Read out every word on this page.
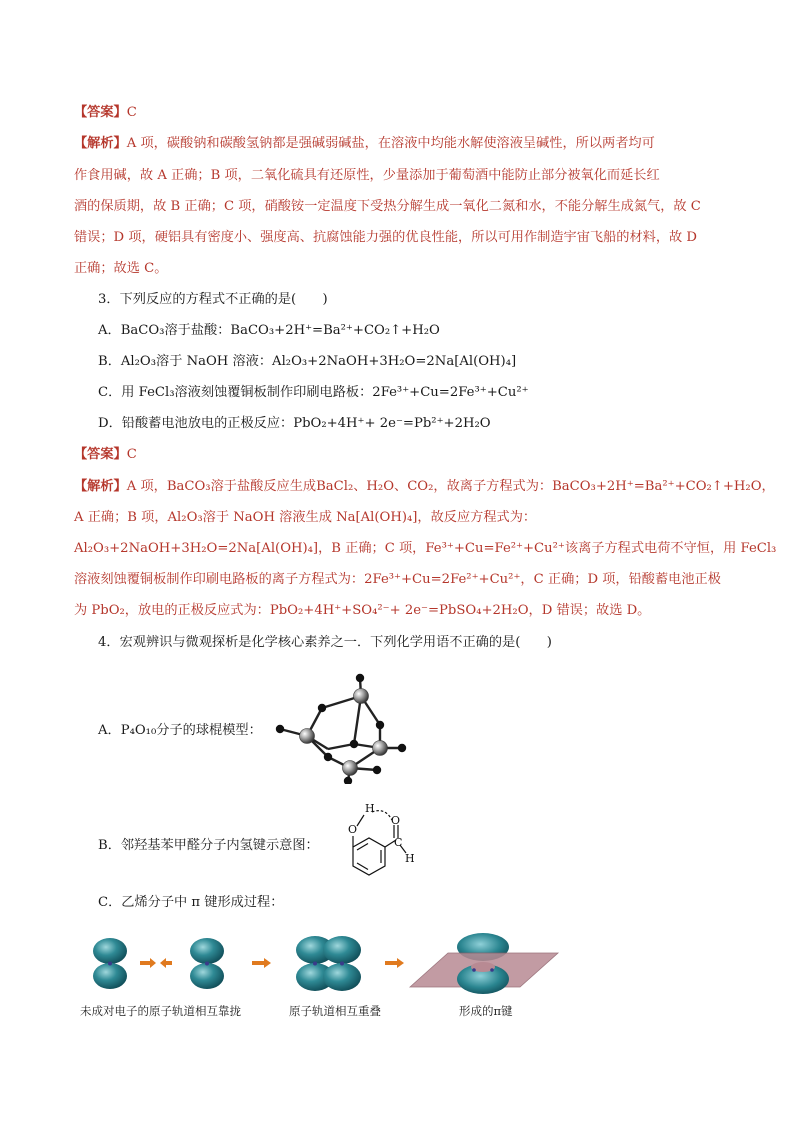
【答案】C
【解析】A 项，碳酸钠和碳酸氢钠都是强碱弱碱盐，在溶液中均能水解使溶液呈碱性，所以两者均可
作食用碱，故 A 正确；B 项，二氧化硫具有还原性，少量添加于葡萄酒中能防止部分被氧化而延长红
酒的保质期，故 B 正确；C 项，硝酸铵一定温度下受热分解生成一氧化二氮和水，不能分解生成氮气，故 C
错误；D 项，硬铝具有密度小、强度高、抗腐蚀能力强的优良性能，所以可用作制造宇宙飞船的材料，故 D
正确；故选 C。
3．下列反应的方程式不正确的是(　　)
A．BaCO₃溶于盐酸：BaCO₃+2H⁺=Ba²⁺+CO₂↑+H₂O
B．Al₂O₃溶于 NaOH 溶液：Al₂O₃+2NaOH+3H₂O=2Na[Al(OH)₄]
C．用 FeCl₃溶液刻蚀覆铜板制作印刷电路板：2Fe³⁺+Cu=2Fe³⁺+Cu²⁺
D．铅酸蓄电池放电的正极反应：PbO₂+4H⁺+ 2e⁻=Pb²⁺+2H₂O
【答案】C
【解析】A 项，BaCO₃溶于盐酸反应生成BaCl₂、H₂O、CO₂，故离子方程式为：BaCO₃+2H⁺=Ba²⁺+CO₂↑+H₂O，
A 正确；B 项，Al₂O₃溶于 NaOH 溶液生成 Na[Al(OH)₄]，故反应方程式为：
Al₂O₃+2NaOH+3H₂O=2Na[Al(OH)₄]，B 正确；C 项，Fe³⁺+Cu=Fe²⁺+Cu²⁺该离子方程式电荷不守恒，用 FeCl₃
溶液刻蚀覆铜板制作印刷电路板的离子方程式为：2Fe³⁺+Cu=2Fe²⁺+Cu²⁺，C 正确；D 项，铅酸蓄电池正极
为 PbO₂，放电的正极反应式为：PbO₂+4H⁺+SO₄²⁻+ 2e⁻=PbSO₄+2H₂O，D 错误；故选 D。
4．宏观辨识与微观探析是化学核心素养之一．下列化学用语不正确的是(　　)
A．P₄O₁₀分子的球棍模型：
B．邻羟基苯甲醛分子内氢键示意图：
O
H
O
C
H
C．乙烯分子中 π 键形成过程：
未成对电子的原子轨道相互靠拢	原子轨道相互重叠	形成的π键
